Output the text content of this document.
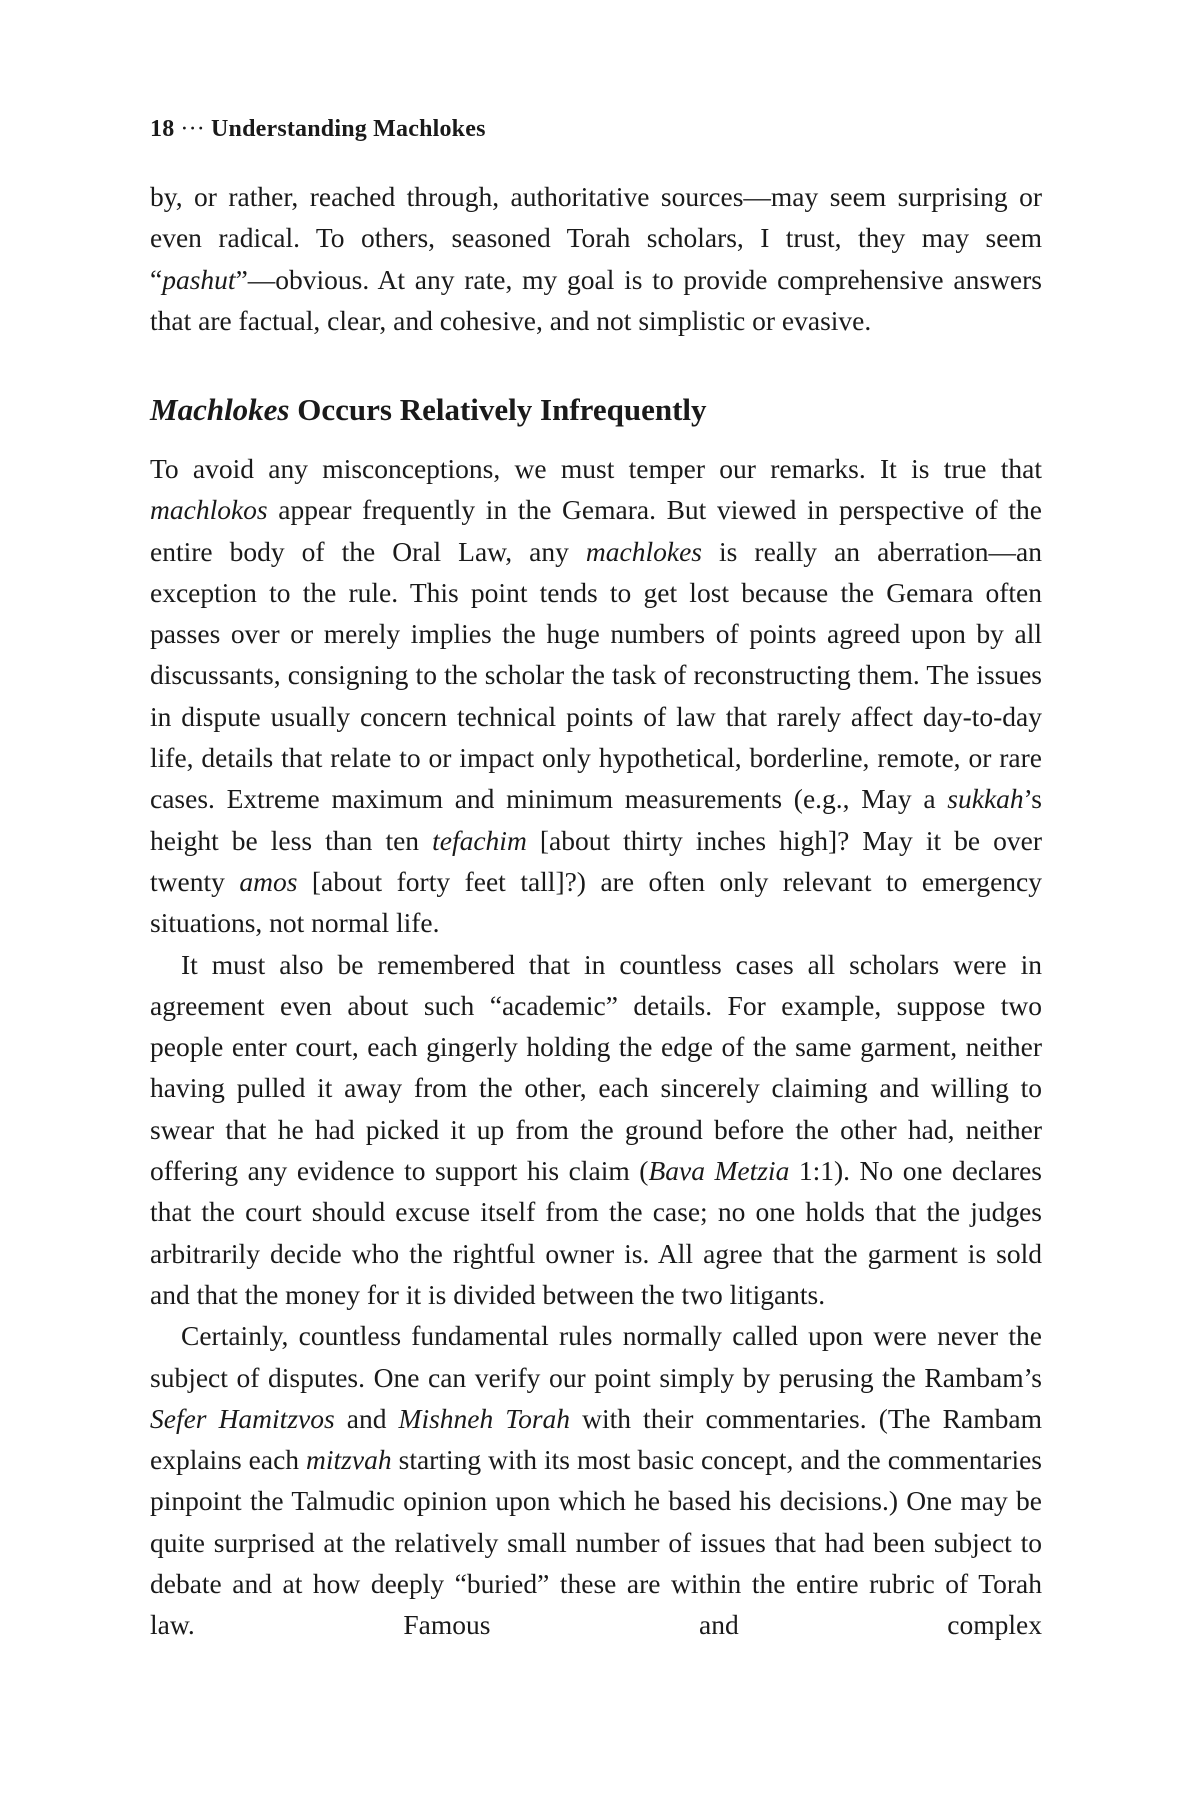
18 ··· Understanding Machlokes

by, or rather, reached through, authoritative sources—may seem surprising or even radical. To others, seasoned Torah scholars, I trust, they may seem “pashut”—obvious. At any rate, my goal is to provide comprehensive answers that are factual, clear, and cohesive, and not simplistic or evasive.

Machlokes Occurs Relatively Infrequently

To avoid any misconceptions, we must temper our remarks. It is true that machlokos appear frequently in the Gemara. But viewed in perspective of the entire body of the Oral Law, any machlokes is really an aberration—an exception to the rule. This point tends to get lost because the Gemara often passes over or merely implies the huge numbers of points agreed upon by all discussants, consigning to the scholar the task of reconstructing them. The issues in dispute usually concern technical points of law that rarely affect day-to-day life, details that relate to or impact only hypothetical, borderline, remote, or rare cases. Extreme maximum and minimum measurements (e.g., May a sukkah’s height be less than ten tefachim [about thirty inches high]? May it be over twenty amos [about forty feet tall]?) are often only relevant to emergency situations, not normal life.

It must also be remembered that in countless cases all scholars were in agreement even about such “academic” details. For example, suppose two people enter court, each gingerly holding the edge of the same garment, neither having pulled it away from the other, each sincerely claiming and willing to swear that he had picked it up from the ground before the other had, neither offering any evidence to support his claim (Bava Metzia 1:1). No one declares that the court should excuse itself from the case; no one holds that the judges arbitrarily decide who the rightful owner is. All agree that the garment is sold and that the money for it is divided between the two litigants.

Certainly, countless fundamental rules normally called upon were never the subject of disputes. One can verify our point simply by perusing the Rambam’s Sefer Hamitzvos and Mishneh Torah with their commentaries. (The Rambam explains each mitzvah starting with its most basic concept, and the commentaries pinpoint the Talmudic opinion upon which he based his decisions.) One may be quite surprised at the relatively small number of issues that had been subject to debate and at how deeply “buried” these are within the entire rubric of Torah law. Famous and complex
